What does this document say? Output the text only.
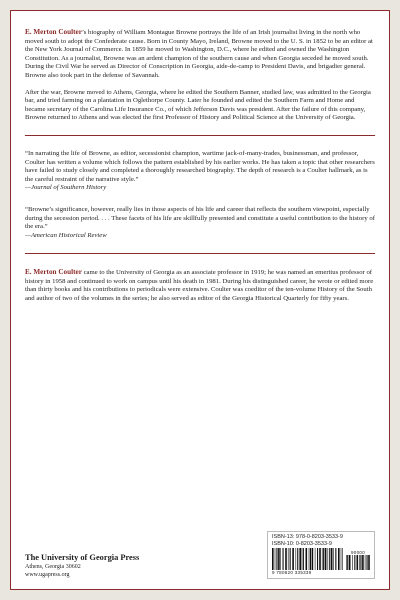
E. Merton Coulter’s biography of William Montague Browne portrays the life of an Irish journalist living in the north who moved south to adopt the Confederate cause. Born in County Mayo, Ireland, Browne moved to the U. S. in 1852 to be an editor at the New York Journal of Commerce. In 1859 he moved to Washington, D.C., where he edited and owned the Washington Constitution. As a journalist, Browne was an ardent champion of the southern cause and when Georgia seceded he moved south. During the Civil War he served as Director of Conscription in Georgia, aide-de-camp to President Davis, and brigadier general. Browne also took part in the defense of Savannah.

After the war, Browne moved to Athens, Georgia, where he edited the Southern Banner, studied law, was admitted to the Georgia bar, and tried farming on a plantation in Oglethorpe County. Later he founded and edited the Southern Farm and Home and became secretary of the Carolina Life Insurance Co., of which Jefferson Davis was president. After the failure of this company, Browne returned to Athens and was elected the first Professor of History and Political Science at the University of Georgia.

“In narrating the life of Browne, as editor, secessionist champion, wartime jack-of-many-trades, businessman, and professor, Coulter has written a volume which follows the pattern established by his earlier works. He has taken a topic that other researchers have failed to study closely and completed a thoroughly researched biography. The depth of research is a Coulter hallmark, as is the careful restraint of the narrative style.”
—Journal of Southern History
“Browne’s significance, however, really lies in those aspects of his life and career that reflects the southern viewpoint, especially during the secession period. . . . These facets of his life are skillfully presented and constitute a useful contribution to the history of the era.”
—American Historical Review

E. Merton Coulter came to the University of Georgia as an associate professor in 1919; he was named an emeritus professor of history in 1958 and continued to work on campus until his death in 1981. During his distinguished career, he wrote or edited more than thirty books and his contributions to periodicals were extensive. Coulter was coeditor of the ten-volume History of the South and author of two of the volumes in the series; he also served as editor of the Georgia Historical Quarterly for fifty years.

The University of Georgia Press
Athens, Georgia 30602
www.ugapress.org
ISBN-13: 978-0-8203-3533-9
ISBN-10: 0-8203-3533-9
90000
9 780820 335339
